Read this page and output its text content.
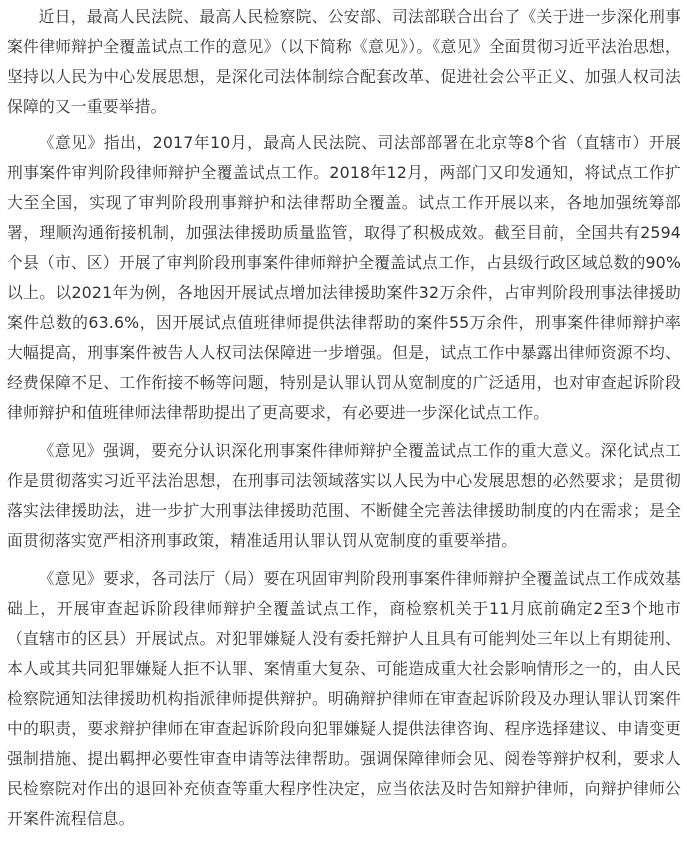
近日，最高人民法院、最高人民检察院、公安部、司法部联合出台了《关于进一步深化刑事案件律师辩护全覆盖试点工作的意见》（以下简称《意见》）。《意见》全面贯彻习近平法治思想，坚持以人民为中心发展思想，是深化司法体制综合配套改革、促进社会公平正义、加强人权司法保障的又一重要举措。

《意见》指出，2017年10月，最高人民法院、司法部部署在北京等8个省（直辖市）开展刑事案件审判阶段律师辩护全覆盖试点工作。2018年12月，两部门又印发通知，将试点工作扩大至全国，实现了审判阶段刑事辩护和法律帮助全覆盖。试点工作开展以来，各地加强统筹部署，理顺沟通衔接机制，加强法律援助质量监管，取得了积极成效。截至目前，全国共有2594个县（市、区）开展了审判阶段刑事案件律师辩护全覆盖试点工作，占县级行政区域总数的90%以上。以2021年为例，各地因开展试点增加法律援助案件32万余件，占审判阶段刑事法律援助案件总数的63.6%，因开展试点值班律师提供法律帮助的案件55万余件，刑事案件律师辩护率大幅提高，刑事案件被告人人权司法保障进一步增强。但是，试点工作中暴露出律师资源不均、经费保障不足、工作衔接不畅等问题，特别是认罪认罚从宽制度的广泛适用，也对审查起诉阶段律师辩护和值班律师法律帮助提出了更高要求，有必要进一步深化试点工作。

《意见》强调，要充分认识深化刑事案件律师辩护全覆盖试点工作的重大意义。深化试点工作是贯彻落实习近平法治思想，在刑事司法领域落实以人民为中心发展思想的必然要求；是贯彻落实法律援助法，进一步扩大刑事法律援助范围、不断健全完善法律援助制度的内在需求；是全面贯彻落实宽严相济刑事政策，精准适用认罪认罚从宽制度的重要举措。

《意见》要求，各司法厅（局）要在巩固审判阶段刑事案件律师辩护全覆盖试点工作成效基础上，开展审查起诉阶段律师辩护全覆盖试点工作，商检察机关于11月底前确定2至3个地市（直辖市的区县）开展试点。对犯罪嫌疑人没有委托辩护人且具有可能判处三年以上有期徒刑、本人或其共同犯罪嫌疑人拒不认罪、案情重大复杂、可能造成重大社会影响情形之一的，由人民检察院通知法律援助机构指派律师提供辩护。明确辩护律师在审查起诉阶段及办理认罪认罚案件中的职责，要求辩护律师在审查起诉阶段向犯罪嫌疑人提供法律咨询、程序选择建议、申请变更强制措施、提出羁押必要性审查申请等法律帮助。强调保障律师会见、阅卷等辩护权利，要求人民检察院对作出的退回补充侦查等重大程序性决定，应当依法及时告知辩护律师，向辩护律师公开案件流程信息。
